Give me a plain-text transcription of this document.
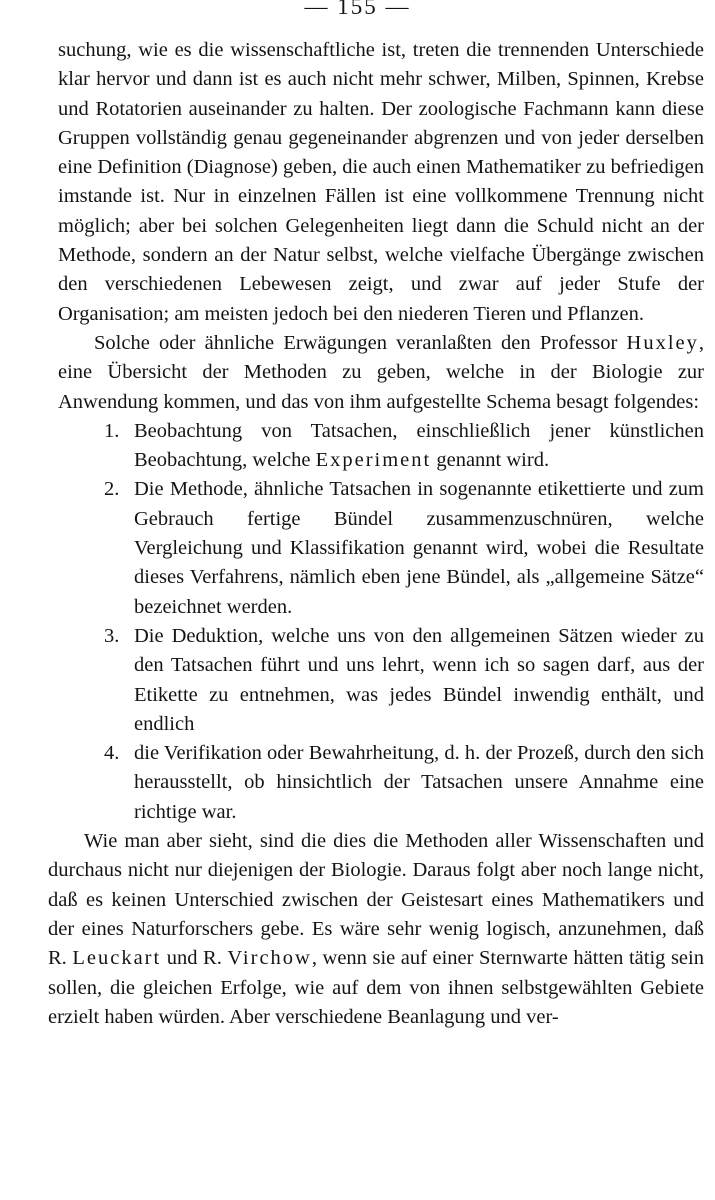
— 155 —

suchung, wie es die wissenschaftliche ist, treten die trennenden Unterschiede klar hervor und dann ist es auch nicht mehr schwer, Milben, Spinnen, Krebse und Rotatorien auseinander zu halten. Der zoologische Fachmann kann diese Gruppen vollständig genau gegeneinander abgrenzen und von jeder derselben eine Definition (Diagnose) geben, die auch einen Mathematiker zu befriedigen imstande ist. Nur in einzelnen Fällen ist eine vollkommene Trennung nicht möglich; aber bei solchen Gelegenheiten liegt dann die Schuld nicht an der Methode, sondern an der Natur selbst, welche vielfache Übergänge zwischen den verschiedenen Lebewesen zeigt, und zwar auf jeder Stufe der Organisation; am meisten jedoch bei den niederen Tieren und Pflanzen.

Solche oder ähnliche Erwägungen veranlaßten den Professor Huxley, eine Übersicht der Methoden zu geben, welche in der Biologie zur Anwendung kommen, und das von ihm aufgestellte Schema besagt folgendes:

1. Beobachtung von Tatsachen, einschließlich jener künstlichen Beobachtung, welche Experiment genannt wird.
2. Die Methode, ähnliche Tatsachen in sogenannte etikettierte und zum Gebrauch fertige Bündel zusammenzuschnüren, welche Vergleichung und Klassifikation genannt wird, wobei die Resultate dieses Verfahrens, nämlich eben jene Bündel, als „allgemeine Sätze“ bezeichnet werden.
3. Die Deduktion, welche uns von den allgemeinen Sätzen wieder zu den Tatsachen führt und uns lehrt, wenn ich so sagen darf, aus der Etikette zu entnehmen, was jedes Bündel inwendig enthält, und endlich
4. die Verifikation oder Bewahrheitung, d. h. der Prozeß, durch den sich herausstellt, ob hinsichtlich der Tatsachen unsere Annahme eine richtige war.

Wie man aber sieht, sind die dies die Methoden aller Wissenschaften und durchaus nicht nur diejenigen der Biologie. Daraus folgt aber noch lange nicht, daß es keinen Unterschied zwischen der Geistesart eines Mathematikers und der eines Naturforschers gebe. Es wäre sehr wenig logisch, anzunehmen, daß R. Leuckart und R. Virchow, wenn sie auf einer Sternwarte hätten tätig sein sollen, die gleichen Erfolge, wie auf dem von ihnen selbstgewählten Gebiete erzielt haben würden. Aber verschiedene Beanlagung und ver-
